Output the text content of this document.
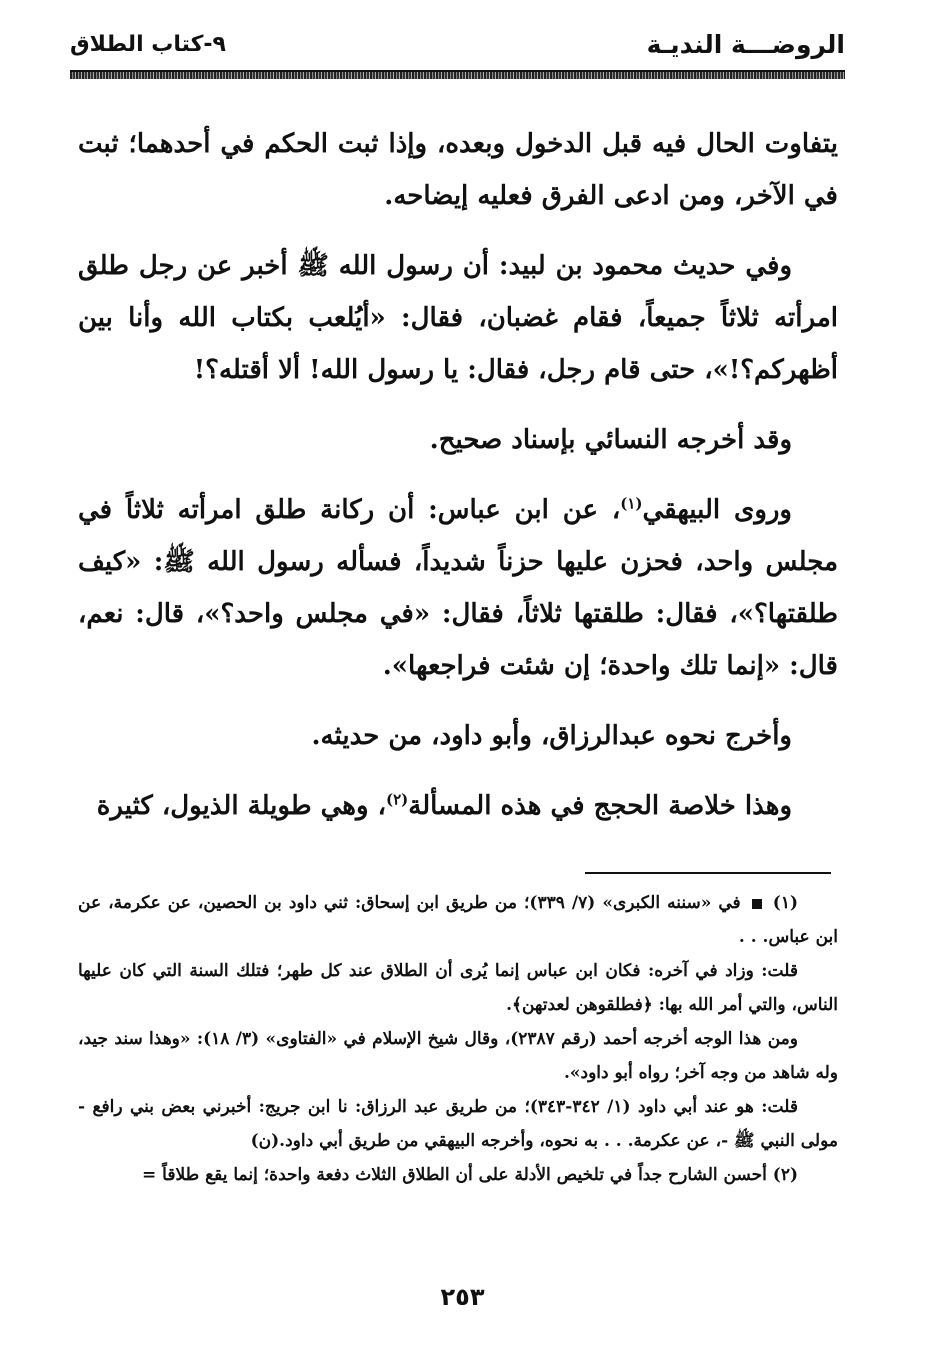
الروضـــة النديـة
٩-كتاب الطلاق

يتفاوت الحال فيه قبل الدخول وبعده، وإذا ثبت الحكم في أحدهما؛ ثبت في الآخر، ومن ادعى الفرق فعليه إيضاحه.

وفي حديث محمود بن لبيد: أن رسول الله ﷺ أخبر عن رجل طلق امرأته ثلاثاً جميعاً، فقام غضبان، فقال: «أيُلعب بكتاب الله وأنا بين أظهركم؟!»، حتى قام رجل، فقال: يا رسول الله! ألا أقتله؟!

وقد أخرجه النسائي بإسناد صحيح.

وروى البيهقي$^{(١)}$، عن ابن عباس: أن ركانة طلق امرأته ثلاثاً في مجلس واحد، فحزن عليها حزناً شديداً، فسأله رسول الله ﷺ: «كيف طلقتها؟»، فقال: طلقتها ثلاثاً، فقال: «في مجلس واحد؟»، قال: نعم، قال: «إنما تلك واحدة؛ إن شئت فراجعها».

وأخرج نحوه عبدالرزاق، وأبو داود، من حديثه.

وهذا خلاصة الحجج في هذه المسألة$^{(٢)}$، وهي طويلة الذيول، كثيرة

(١)  في «سننه الكبرى» (٧/ ٣٣٩)؛ من طريق ابن إسحاق: ثني داود بن الحصين، عن عكرمة، عن ابن عباس. . .

قلت: وزاد في آخره: فكان ابن عباس إنما يُرى أن الطلاق عند كل طهر؛ فتلك السنة التي كان عليها الناس، والتي أمر الله بها: ﴿فطلقوهن لعدتهن﴾.

ومن هذا الوجه أخرجه أحمد (رقم ٢٣٨٧)، وقال شيخ الإسلام في «الفتاوى» (٣/ ١٨): «وهذا سند جيد، وله شاهد من وجه آخر؛ رواه أبو داود».

قلت: هو عند أبي داود (١/ ٣٤٢-٣٤٣)؛ من طريق عبد الرزاق: نا ابن جريج: أخبرني بعض بني رافع - مولى النبي ﷺ -، عن عكرمة. . . به نحوه، وأخرجه البيهقي من طريق أبي داود.(ن)

(٢) أحسن الشارح جداً في تلخيص الأدلة على أن الطلاق الثلاث دفعة واحدة؛ إنما يقع طلاقاً =

٢٥٣
